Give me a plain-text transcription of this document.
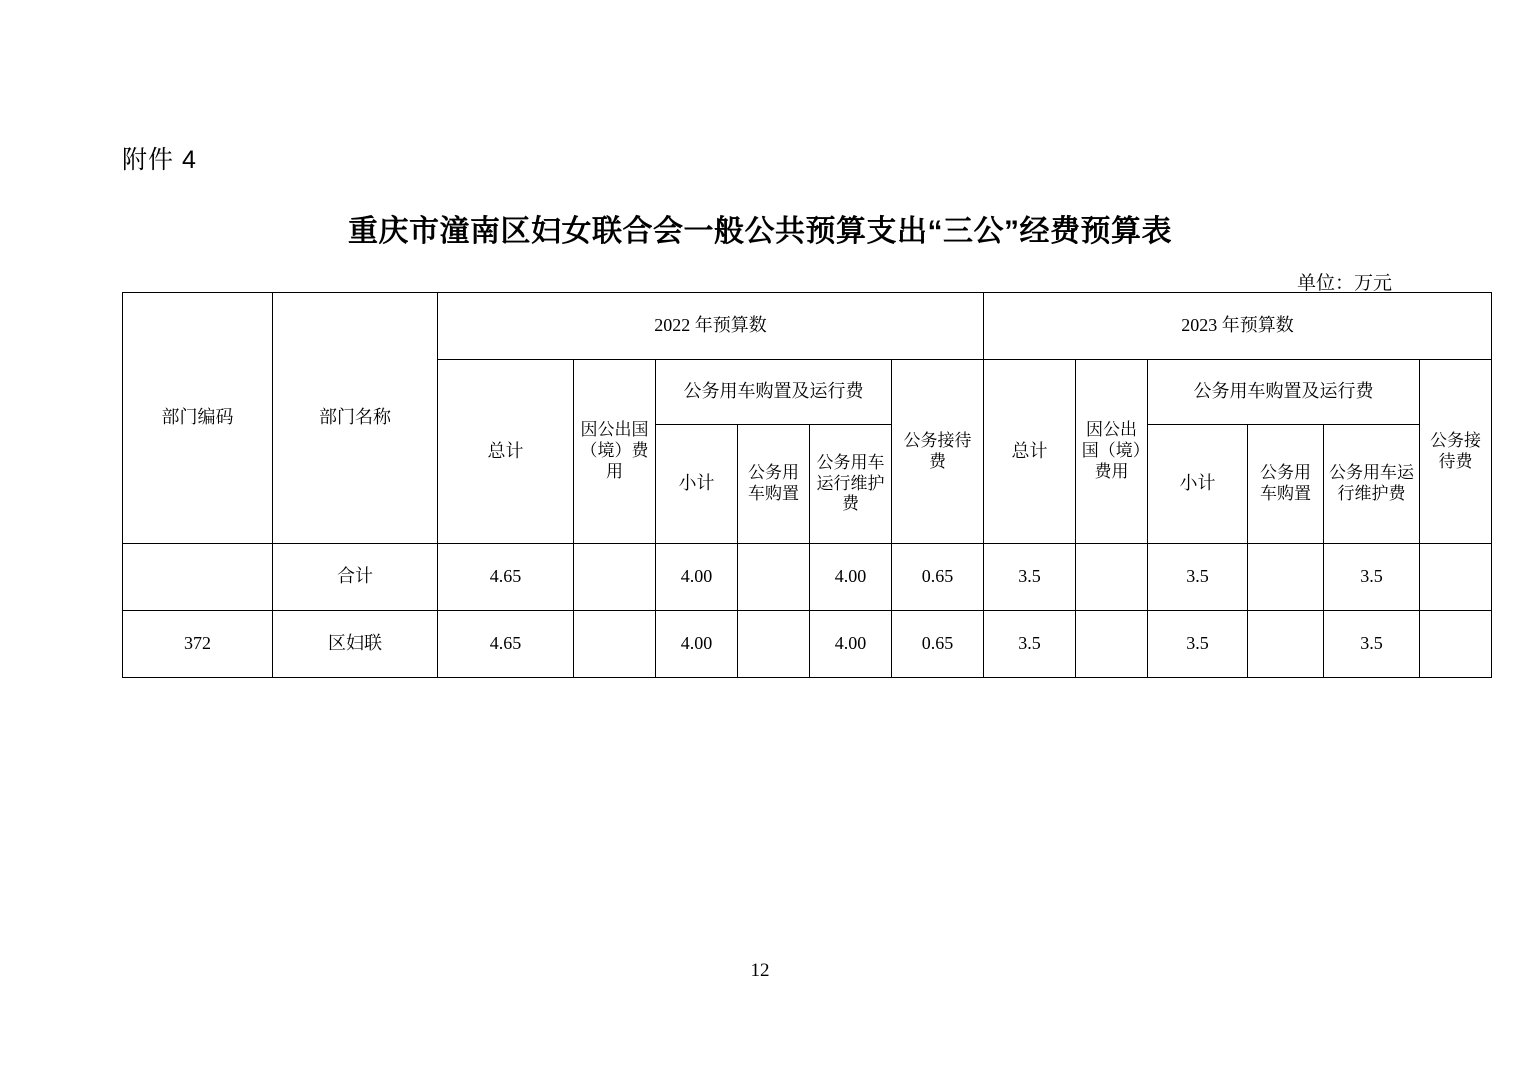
附件 4
重庆市潼南区妇女联合会一般公共预算支出“三公”经费预算表
单位：万元
部门编码	部门名称	2022 年预算数						2023 年预算数					
		总计	因公出国（境）费用	公务用车购置及运行费			公务接待费	总计	因公出国（境）费用	公务用车购置及运行费			公务接待费
				小计	公务用车购置	公务用车运行维护费				小计	公务用车购置	公务用车运行维护费	
	合计	4.65		4.00		4.00	0.65	3.5		3.5		3.5	
372	区妇联	4.65		4.00		4.00	0.65	3.5		3.5		3.5	
12
